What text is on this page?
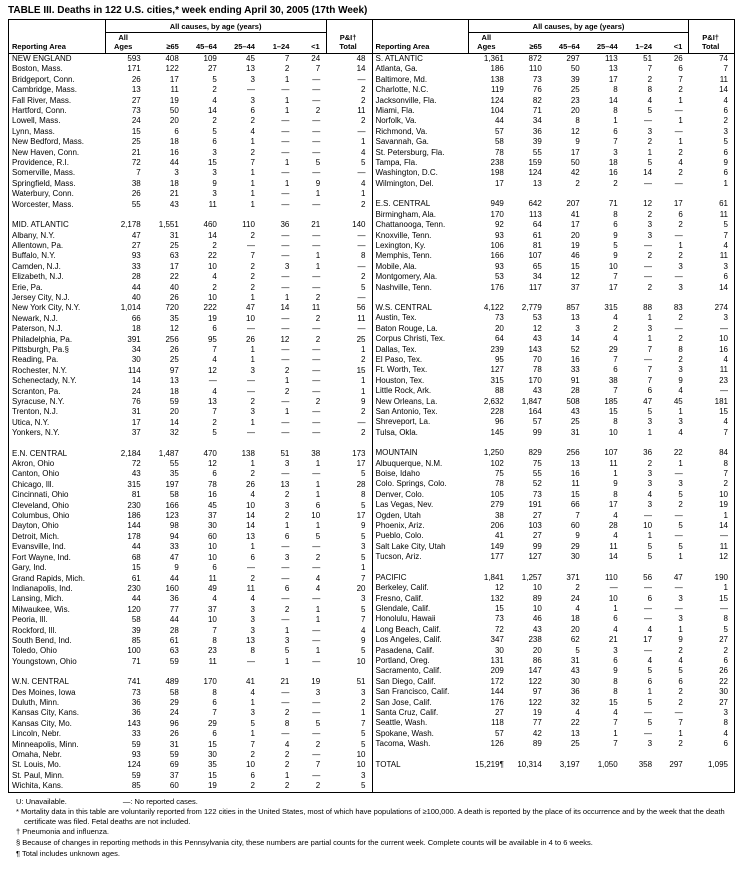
TABLE III. Deaths in 122 U.S. cities,* week ending April 30, 2005 (17th Week)
	All causes, by age (years)						P&I†
Total
Reporting Area	All
Ages	≥65	45–64	25–44	1–24	<1	
NEW ENGLAND	593	408	109	45	7	24	48
Boston, Mass.	171	122	27	13	2	7	14
Bridgeport, Conn.	26	17	5	3	1	—	—
Cambridge, Mass.	13	11	2	—	—	—	2
Fall River, Mass.	27	19	4	3	1	—	2
Hartford, Conn.	73	50	14	6	1	2	11
Lowell, Mass.	24	20	2	2	—	—	2
Lynn, Mass.	15	6	5	4	—	—	—
New Bedford, Mass.	25	18	6	1	—	—	1
New Haven, Conn.	21	16	3	2	—	—	4
Providence, R.I.	72	44	15	7	1	5	5
Somerville, Mass.	7	3	3	1	—	—	—
Springfield, Mass.	38	18	9	1	1	9	4
Waterbury, Conn.	26	21	3	1	—	1	1
Worcester, Mass.	55	43	11	1	—	—	2

MID. ATLANTIC	2,178	1,551	460	110	36	21	140
Albany, N.Y.	47	31	14	2	—	—	—
Allentown, Pa.	27	25	2	—	—	—	—
Buffalo, N.Y.	93	63	22	7	—	1	8
Camden, N.J.	33	17	10	2	3	1	—
Elizabeth, N.J.	28	22	4	2	—	—	2
Erie, Pa.	44	40	2	2	—	—	5
Jersey City, N.J.	40	26	10	1	1	2	—
New York City, N.Y.	1,014	720	222	47	14	11	56
Newark, N.J.	66	35	19	10	—	2	11
Paterson, N.J.	18	12	6	—	—	—	—
Philadelphia, Pa.	391	256	95	26	12	2	25
Pittsburgh, Pa.§	34	26	7	1	—	—	1
Reading, Pa.	30	25	4	1	—	—	2
Rochester, N.Y.	114	97	12	3	2	—	15
Schenectady, N.Y.	14	13	—	—	1	—	1
Scranton, Pa.	24	18	4	—	2	—	1
Syracuse, N.Y.	76	59	13	2	—	2	9
Trenton, N.J.	31	20	7	3	1	—	2
Utica, N.Y.	17	14	2	1	—	—	—
Yonkers, N.Y.	37	32	5	—	—	—	2

E.N. CENTRAL	2,184	1,487	470	138	51	38	173
Akron, Ohio	72	55	12	1	3	1	17
Canton, Ohio	43	35	6	2	—	—	5
Chicago, Ill.	315	197	78	26	13	1	28
Cincinnati, Ohio	81	58	16	4	2	1	8
Cleveland, Ohio	230	166	45	10	3	6	5
Columbus, Ohio	186	123	37	14	2	10	17
Dayton, Ohio	144	98	30	14	1	1	9
Detroit, Mich.	178	94	60	13	6	5	5
Evansville, Ind.	44	33	10	1	—	—	3
Fort Wayne, Ind.	68	47	10	6	3	2	5
Gary, Ind.	15	9	6	—	—	—	1
Grand Rapids, Mich.	61	44	11	2	—	4	7
Indianapolis, Ind.	230	160	49	11	6	4	20
Lansing, Mich.	44	36	4	4	—	—	3
Milwaukee, Wis.	120	77	37	3	2	1	5
Peoria, Ill.	58	44	10	3	—	1	7
Rockford, Ill.	39	28	7	3	1	—	4
South Bend, Ind.	85	61	8	13	3	—	9
Toledo, Ohio	100	63	23	8	5	1	5
Youngstown, Ohio	71	59	11	—	1	—	10

W.N. CENTRAL	741	489	170	41	21	19	51
Des Moines, Iowa	73	58	8	4	—	3	3
Duluth, Minn.	36	29	6	1	—	—	2
Kansas City, Kans.	36	24	7	3	2	—	1
Kansas City, Mo.	143	96	29	5	8	5	7
Lincoln, Nebr.	33	26	6	1	—	—	5
Minneapolis, Minn.	59	31	15	7	4	2	5
Omaha, Nebr.	93	59	30	2	2	—	10
St. Louis, Mo.	124	69	35	10	2	7	10
St. Paul, Minn.	59	37	15	6	1	—	3
Wichita, Kans.	85	60	19	2	2	2	5
	All causes, by age (years)						P&I†
Total
Reporting Area	All
Ages	≥65	45–64	25–44	1–24	<1	
S. ATLANTIC	1,361	872	297	113	51	26	74
Atlanta, Ga.	186	110	50	13	7	6	7
Baltimore, Md.	138	73	39	17	2	7	11
Charlotte, N.C.	119	76	25	8	8	2	14
Jacksonville, Fla.	124	82	23	14	4	1	4
Miami, Fla.	104	71	20	8	5	—	6
Norfolk, Va.	44	34	8	1	—	1	2
Richmond, Va.	57	36	12	6	3	—	3
Savannah, Ga.	58	39	9	7	2	1	5
St. Petersburg, Fla.	78	55	17	3	1	2	6
Tampa, Fla.	238	159	50	18	5	4	9
Washington, D.C.	198	124	42	16	14	2	6
Wilmington, Del.	17	13	2	2	—	—	1

E.S. CENTRAL	949	642	207	71	12	17	61
Birmingham, Ala.	170	113	41	8	2	6	11
Chattanooga, Tenn.	92	64	17	6	3	2	5
Knoxville, Tenn.	93	61	20	9	3	—	7
Lexington, Ky.	106	81	19	5	—	1	4
Memphis, Tenn.	166	107	46	9	2	2	11
Mobile, Ala.	93	65	15	10	—	3	3
Montgomery, Ala.	53	34	12	7	—	—	6
Nashville, Tenn.	176	117	37	17	2	3	14

W.S. CENTRAL	4,122	2,779	857	315	88	83	274
Austin, Tex.	73	53	13	4	1	2	3
Baton Rouge, La.	20	12	3	2	3	—	—
Corpus Christi, Tex.	64	43	14	4	1	2	10
Dallas, Tex.	239	143	52	29	7	8	16
El Paso, Tex.	95	70	16	7	—	2	4
Ft. Worth, Tex.	127	78	33	6	7	3	11
Houston, Tex.	315	170	91	38	7	9	23
Little Rock, Ark.	88	43	28	7	6	4	—
New Orleans, La.	2,632	1,847	508	185	47	45	181
San Antonio, Tex.	228	164	43	15	5	1	15
Shreveport, La.	96	57	25	8	3	3	4
Tulsa, Okla.	145	99	31	10	1	4	7

MOUNTAIN	1,250	829	256	107	36	22	84
Albuquerque, N.M.	102	75	13	11	2	1	8
Boise, Idaho	75	55	16	1	3	—	7
Colo. Springs, Colo.	78	52	11	9	3	3	2
Denver, Colo.	105	73	15	8	4	5	10
Las Vegas, Nev.	279	191	66	17	3	2	19
Ogden, Utah	38	27	7	4	—	—	1
Phoenix, Ariz.	206	103	60	28	10	5	14
Pueblo, Colo.	41	27	9	4	1	—	—
Salt Lake City, Utah	149	99	29	11	5	5	11
Tucson, Ariz.	177	127	30	14	5	1	12

PACIFIC	1,841	1,257	371	110	56	47	190
Berkeley, Calif.	12	10	2	—	—	—	1
Fresno, Calif.	132	89	24	10	6	3	15
Glendale, Calif.	15	10	4	1	—	—	—
Honolulu, Hawaii	73	46	18	6	—	3	8
Long Beach, Calif.	72	43	20	4	4	1	5
Los Angeles, Calif.	347	238	62	21	17	9	27
Pasadena, Calif.	30	20	5	3	—	2	2
Portland, Oreg.	131	86	31	6	4	4	6
Sacramento, Calif.	209	147	43	9	5	5	26
San Diego, Calif.	172	122	30	8	6	6	22
San Francisco, Calif.	144	97	36	8	1	2	30
San Jose, Calif.	176	122	32	15	5	2	27
Santa Cruz, Calif.	27	19	4	4	—	—	3
Seattle, Wash.	118	77	22	7	5	7	8
Spokane, Wash.	57	42	13	1	—	1	4
Tacoma, Wash.	126	89	25	7	3	2	6

TOTAL	15,219¶	10,314	3,197	1,050	358	297	1,095
U: Unavailable.	—: No reported cases.

* Mortality data in this table are voluntarily reported from 122 cities in the United States, most of which have populations of ≥100,000. A death is reported by the place of its occurrence and by the week that the death certificate was filed. Fetal deaths are not included.

† Pneumonia and influenza.

§ Because of changes in reporting methods in this Pennsylvania city, these numbers are partial counts for the current week. Complete counts will be available in 4 to 6 weeks.

¶ Total includes unknown ages.
